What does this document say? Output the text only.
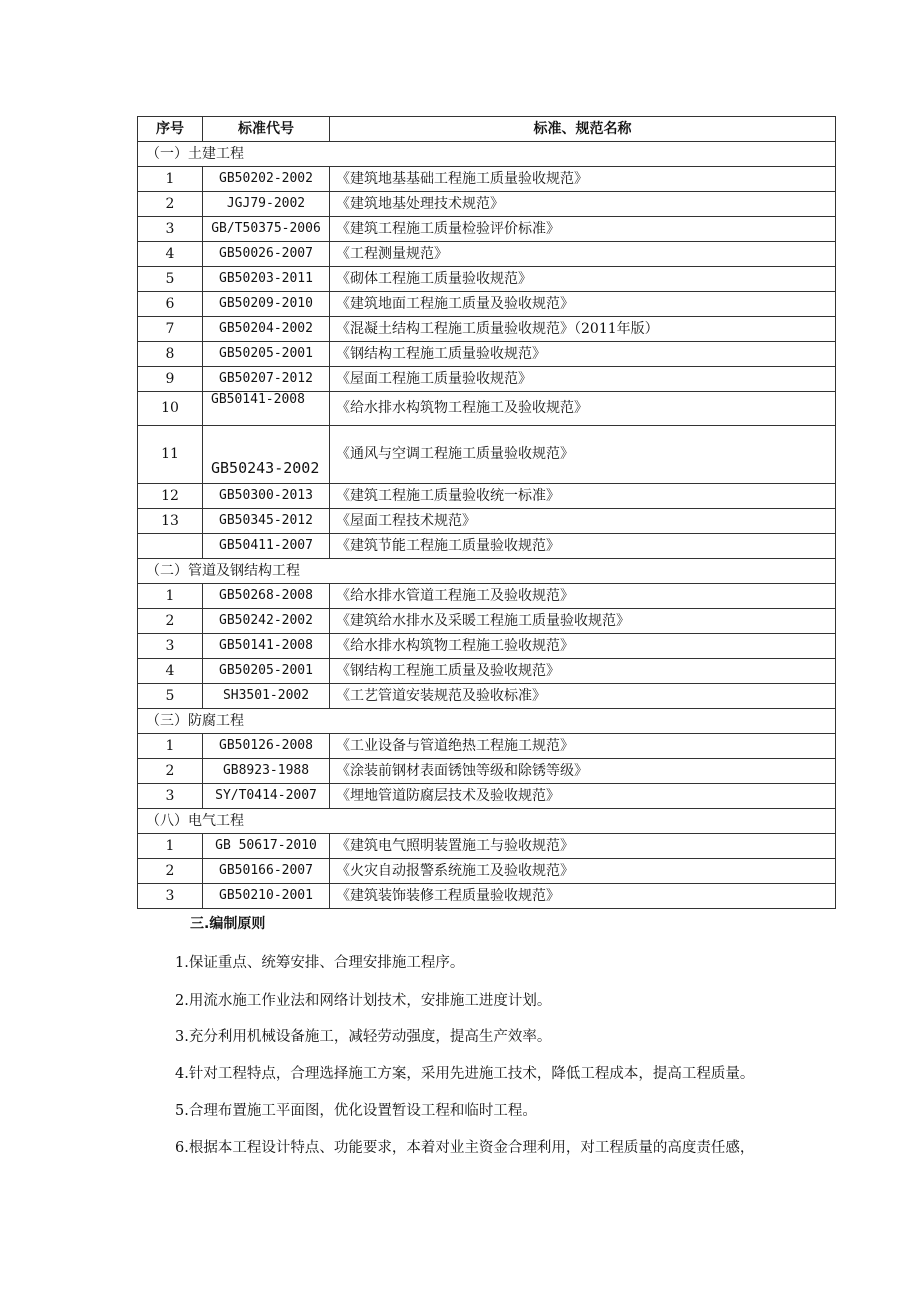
序号	标准代号	标准、规范名称
（一）土建工程		
1	GB50202-2002	《建筑地基基础工程施工质量验收规范》
2	JGJ79-2002	《建筑地基处理技术规范》
3	GB/T50375-2006	《建筑工程施工质量检验评价标准》
4	GB50026-2007	《工程测量规范》
5	GB50203-2011	《砌体工程施工质量验收规范》
6	GB50209-2010	《建筑地面工程施工质量及验收规范》
7	GB50204-2002	《混凝土结构工程施工质量验收规范》（2011年版）
8	GB50205-2001	《钢结构工程施工质量验收规范》
9	GB50207-2012	《屋面工程施工质量验收规范》
10	GB50141-2008	《给水排水构筑物工程施工及验收规范》
11	GB50243-2002	《通风与空调工程施工质量验收规范》
12	GB50300-2013	《建筑工程施工质量验收统一标准》
13	GB50345-2012	《屋面工程技术规范》
	GB50411-2007	《建筑节能工程施工质量验收规范》
（二）管道及钢结构工程		
1	GB50268-2008	《给水排水管道工程施工及验收规范》
2	GB50242-2002	《建筑给水排水及采暖工程施工质量验收规范》
3	GB50141-2008	《给水排水构筑物工程施工验收规范》
4	GB50205-2001	《钢结构工程施工质量及验收规范》
5	SH3501-2002	《工艺管道安装规范及验收标准》
（三）防腐工程		
1	GB50126-2008	《工业设备与管道绝热工程施工规范》
2	GB8923-1988	《涂装前钢材表面锈蚀等级和除锈等级》
3	SY/T0414-2007	《埋地管道防腐层技术及验收规范》
（八）电气工程		
1	GB 50617-2010	《建筑电气照明装置施工与验收规范》
2	GB50166-2007	《火灾自动报警系统施工及验收规范》
3	GB50210-2001	《建筑装饰装修工程质量验收规范》
三.编制原则
1.保证重点、统筹安排、合理安排施工程序。
2.用流水施工作业法和网络计划技术，安排施工进度计划。
3.充分利用机械设备施工，减轻劳动强度，提高生产效率。
4.针对工程特点，合理选择施工方案，采用先进施工技术，降低工程成本，提高工程质量。
5.合理布置施工平面图，优化设置暂设工程和临时工程。
6.根据本工程设计特点、功能要求，本着对业主资金合理利用，对工程质量的高度责任感，
